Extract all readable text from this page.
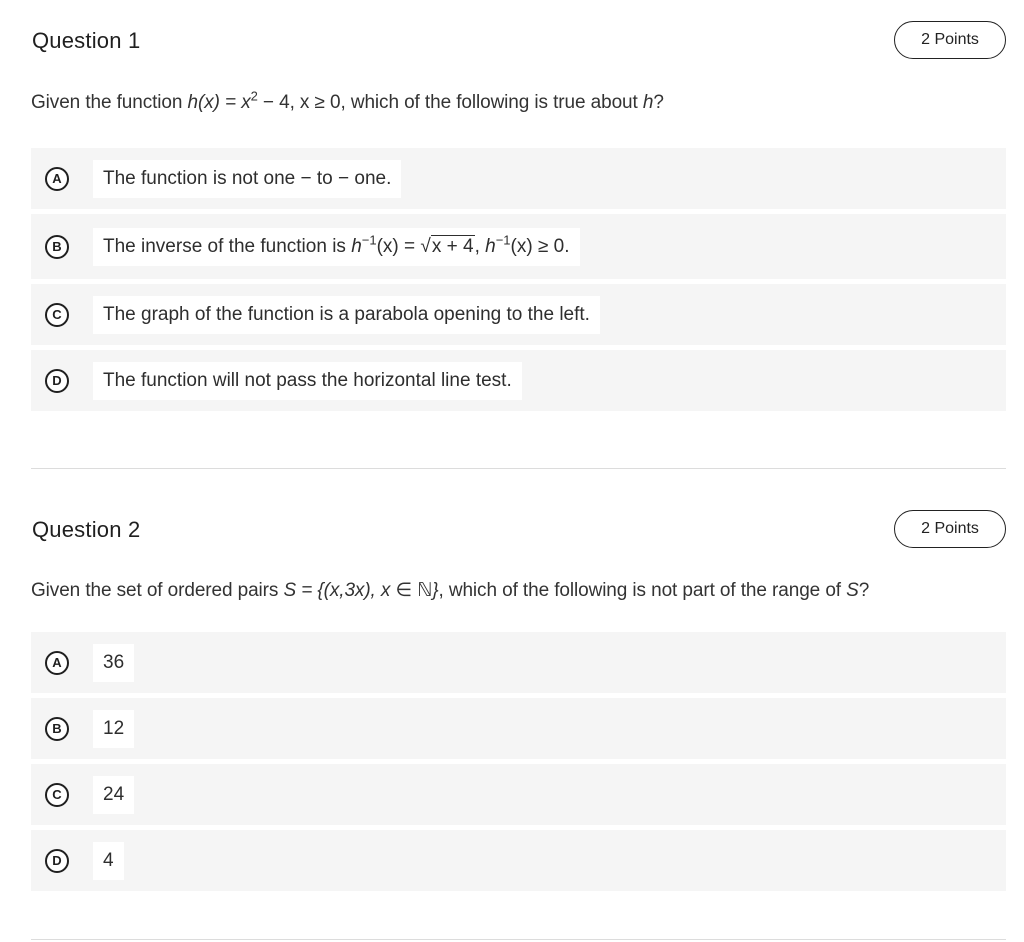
Question 1	2 Points
Given the function $h(x) = x^2 - 4$, x ≥ 0, which of the following is true about h?
A	The function is not one − to − one.
B	The inverse of the function is $h^{-1}(x) = √x + 4$, $h^{-1}(x) \ge 0$.
C	The graph of the function is a parabola opening to the left.
D	The function will not pass the horizontal line test.
Question 2	2 Points
Given the set of ordered pairs S = {(x,3x), x ∈ ℕ}, which of the following is not part of the range of S?
A	36
B	12
C	24
D	4
